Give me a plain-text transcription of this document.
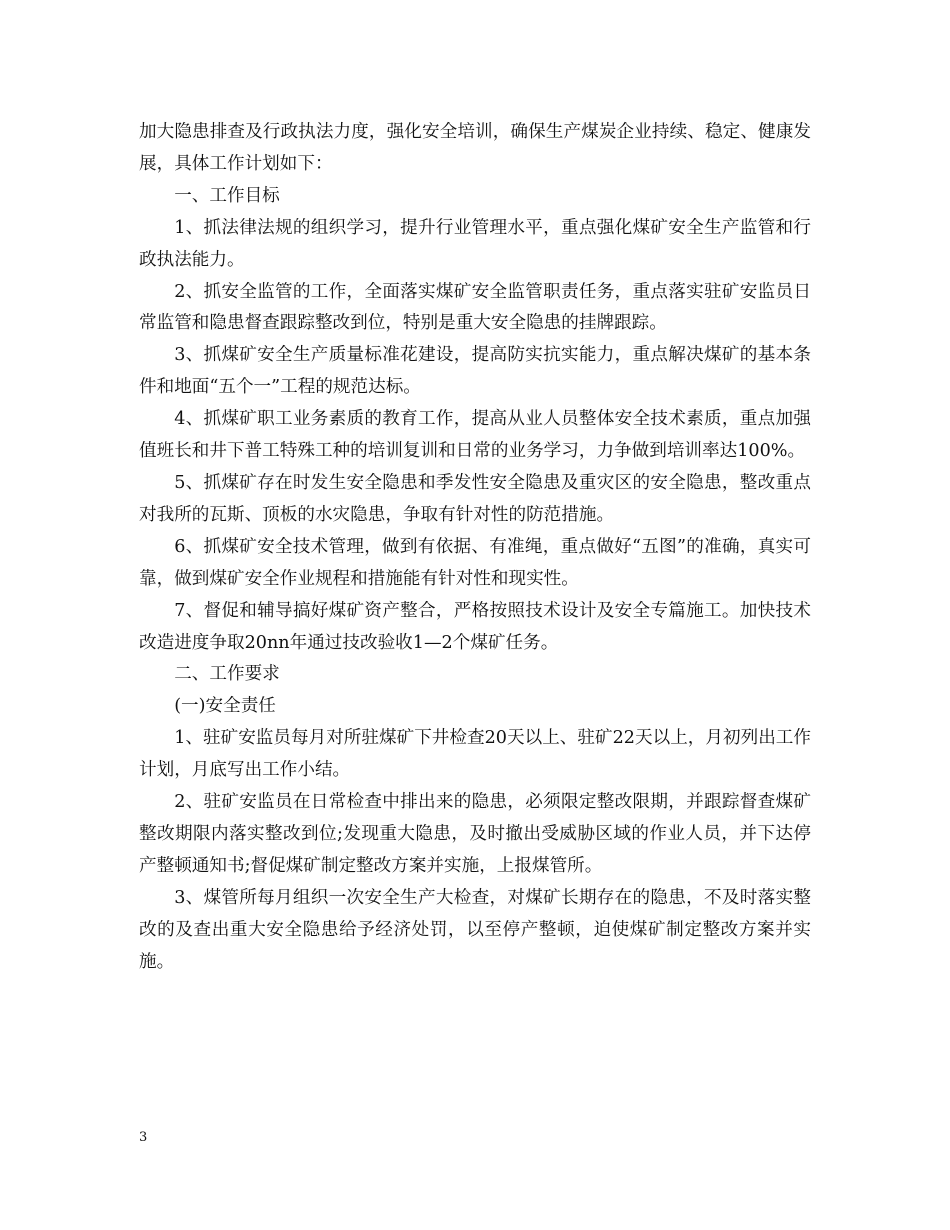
加大隐患排查及行政执法力度，强化安全培训，确保生产煤炭企业持续、稳定、健康发展，具体工作计划如下：

一、工作目标

1、抓法律法规的组织学习，提升行业管理水平，重点强化煤矿安全生产监管和行政执法能力。

2、抓安全监管的工作，全面落实煤矿安全监管职责任务，重点落实驻矿安监员日常监管和隐患督查跟踪整改到位，特别是重大安全隐患的挂牌跟踪。

3、抓煤矿安全生产质量标准花建设，提高防实抗实能力，重点解决煤矿的基本条件和地面“五个一”工程的规范达标。

4、抓煤矿职工业务素质的教育工作，提高从业人员整体安全技术素质，重点加强值班长和井下普工特殊工种的培训复训和日常的业务学习，力争做到培训率达100%。

5、抓煤矿存在时发生安全隐患和季发性安全隐患及重灾区的安全隐患，整改重点对我所的瓦斯、顶板的水灾隐患，争取有针对性的防范措施。

6、抓煤矿安全技术管理，做到有依据、有准绳，重点做好“五图”的准确，真实可靠，做到煤矿安全作业规程和措施能有针对性和现实性。

7、督促和辅导搞好煤矿资产整合，严格按照技术设计及安全专篇施工。加快技术改造进度争取20nn年通过技改验收1—2个煤矿任务。

二、工作要求

(一)安全责任

1、驻矿安监员每月对所驻煤矿下井检查20天以上、驻矿22天以上，月初列出工作计划，月底写出工作小结。

2、驻矿安监员在日常检查中排出来的隐患，必须限定整改限期，并跟踪督查煤矿整改期限内落实整改到位;发现重大隐患，及时撤出受威胁区域的作业人员，并下达停产整顿通知书;督促煤矿制定整改方案并实施，上报煤管所。

3、煤管所每月组织一次安全生产大检查，对煤矿长期存在的隐患，不及时落实整改的及查出重大安全隐患给予经济处罚，以至停产整顿，迫使煤矿制定整改方案并实施。

3
